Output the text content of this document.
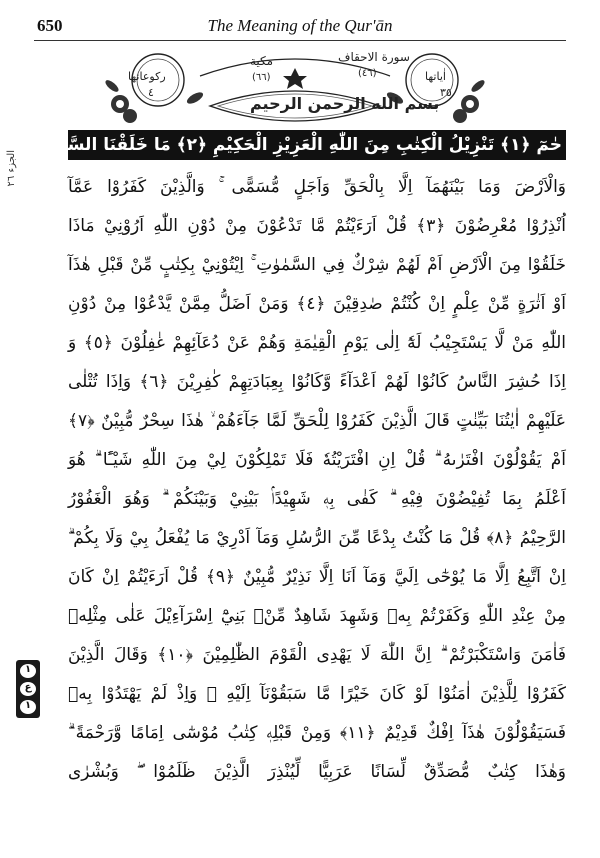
650	The Meaning of the Qur'ān
سورة الاحقاف
مكية
(٤٦)
(٦٦)	اٰیاتها
٣٥
رکوعاتها
٤
بسم الله الرحمن الرحيم
الجزء ٢٦
١
ع
١
حٰمٓ ﴿١﴾ تَنْزِيْلُ الْكِتٰبِ مِنَ اللّٰهِ الْعَزِيْزِ الْحَكِيْمِ ﴿٢﴾ مَا خَلَقْنَا السَّمٰوٰتِ
وَالْاَرْضَ وَمَا بَيْنَهُمَآ اِلَّا بِالْحَقِّ وَاَجَلٍ مُّسَمًّى ۚ وَالَّذِيْنَ كَفَرُوْا عَمَّآ
اُنْذِرُوْا مُعْرِضُوْنَ ﴿٣﴾ قُلْ اَرَءَيْتُمْ مَّا تَدْعُوْنَ مِنْ دُوْنِ اللّٰهِ اَرُوْنِيْ مَاذَا
خَلَقُوْا مِنَ الْاَرْضِ اَمْ لَهُمْ شِرْكٌ فِي السَّمٰوٰتِ ۚ اِيْتُوْنِيْ بِكِتٰبٍ مِّنْ قَبْلِ هٰذَآ
اَوْ اَثٰرَةٍ مِّنْ عِلْمٍ اِنْ كُنْتُمْ صٰدِقِيْنَ ﴿٤﴾ وَمَنْ اَضَلُّ مِمَّنْ يَّدْعُوْا مِنْ دُوْنِ
اللّٰهِ مَنْ لَّا يَسْتَجِيْبُ لَهٗٓ اِلٰى يَوْمِ الْقِيٰمَةِ وَهُمْ عَنْ دُعَآئِهِمْ غٰفِلُوْنَ ﴿٥﴾ وَ
اِذَا حُشِرَ النَّاسُ كَانُوْا لَهُمْ اَعْدَآءً وَّكَانُوْا بِعِبَادَتِهِمْ كٰفِرِيْنَ ﴿٦﴾ وَاِذَا تُتْلٰى
عَلَيْهِمْ اٰيٰتُنَا بَيِّنٰتٍ قَالَ الَّذِيْنَ كَفَرُوْا لِلْحَقِّ لَمَّا جَآءَهُمْ ۙ هٰذَا سِحْرٌ مُّبِيْنٌ ﴿٧﴾
اَمْ يَقُوْلُوْنَ افْتَرٰىهُ ۗ قُلْ اِنِ افْتَرَيْتُهٗ فَلَا تَمْلِكُوْنَ لِيْ مِنَ اللّٰهِ شَيْـًٔا ۗ هُوَ
اَعْلَمُ بِمَا تُفِيْضُوْنَ فِيْهِ ۗ كَفٰى بِهٖ شَهِيْدًاۢ بَيْنِيْ وَبَيْنَكُمْ ۗ وَهُوَ الْغَفُوْرُ
الرَّحِيْمُ ﴿٨﴾ قُلْ مَا كُنْتُ بِدْعًا مِّنَ الرُّسُلِ وَمَآ اَدْرِيْ مَا يُفْعَلُ بِيْ وَلَا بِكُمْ ۗ
اِنْ اَتَّبِعُ اِلَّا مَا يُوْحٰٓى اِلَيَّ وَمَآ اَنَا اِلَّا نَذِيْرٌ مُّبِيْنٌ ﴿٩﴾ قُلْ اَرَءَيْتُمْ اِنْ كَانَ
مِنْ عِنْدِ اللّٰهِ وَكَفَرْتُمْ بِهٖ وَشَهِدَ شَاهِدٌ مِّنْۢ بَنِيْٓ اِسْرَآءِيْلَ عَلٰى مِثْلِهٖ
فَاٰمَنَ وَاسْتَكْبَرْتُمْ ۗ اِنَّ اللّٰهَ لَا يَهْدِى الْقَوْمَ الظّٰلِمِيْنَ ﴿١٠﴾ وَقَالَ الَّذِيْنَ
كَفَرُوْا لِلَّذِيْنَ اٰمَنُوْا لَوْ كَانَ خَيْرًا مَّا سَبَقُوْنَآ اِلَيْهِ ۗ وَاِذْ لَمْ يَهْتَدُوْا بِهٖ
فَسَيَقُوْلُوْنَ هٰذَآ اِفْكٌ قَدِيْمٌ ﴿١١﴾ وَمِنْ قَبْلِهٖ كِتٰبُ مُوْسٰٓى اِمَامًا وَّرَحْمَةً ۗ
وَهٰذَا كِتٰبٌ مُّصَدِّقٌ لِّسَانًا عَرَبِيًّا لِّيُنْذِرَ الَّذِيْنَ ظَلَمُوْا ۖ وَبُشْرٰى
